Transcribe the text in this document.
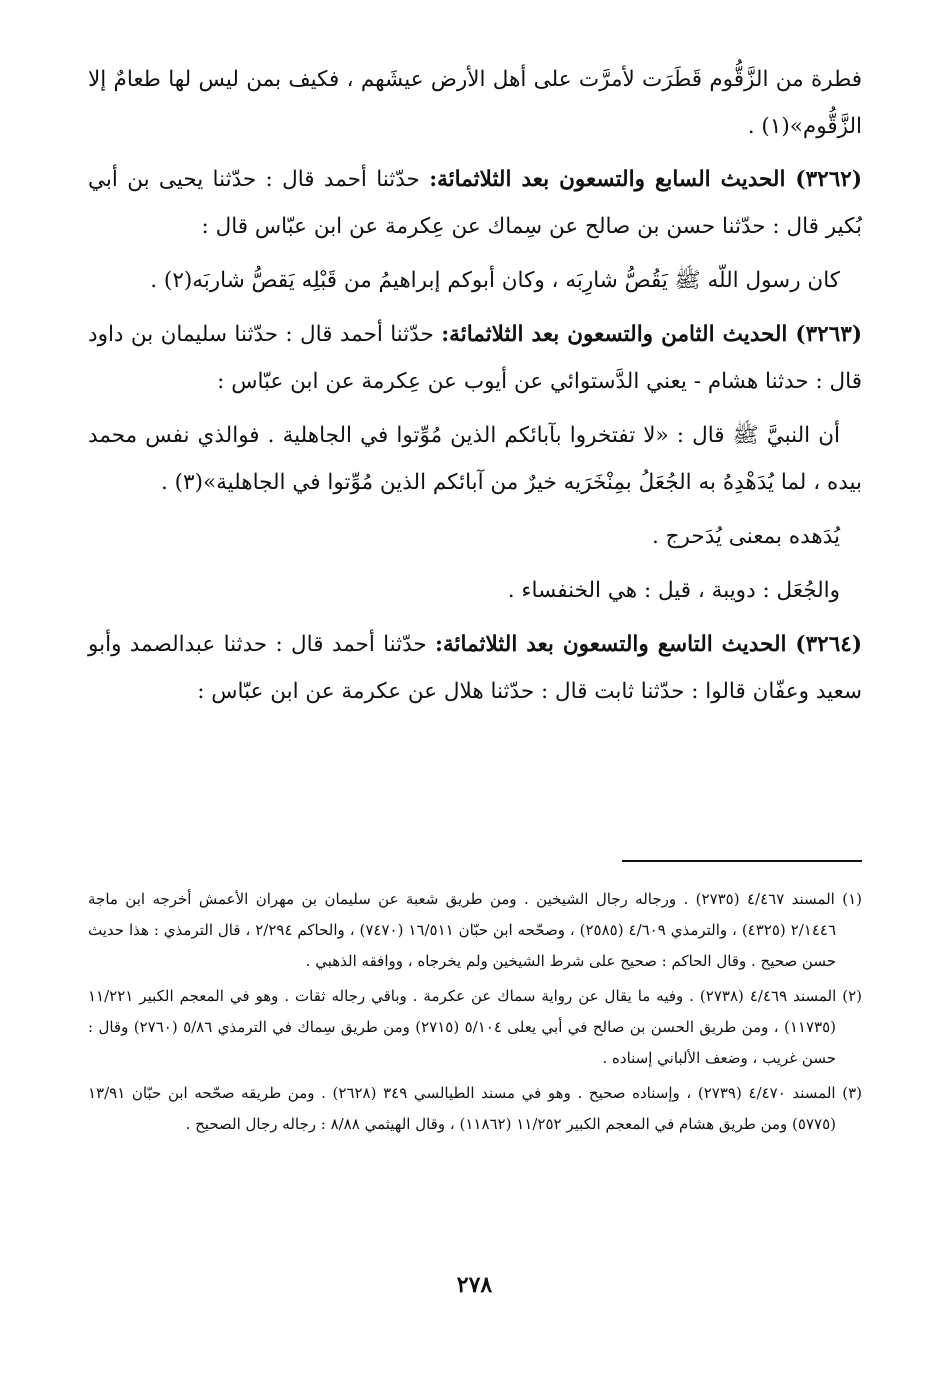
فطرة من الزَّقُّوم قَطَرَت لأمرَّت على أهل الأرض عيشَهم ، فكيف بمن ليس لها طعامٌ إلا الزَّقُّوم»(١) .

(٣٢٦٢) الحديث السابع والتسعون بعد الثلاثمائة: حدّثنا أحمد قال : حدّثنا يحيى بن أبي بُكير قال : حدّثنا حسن بن صالح عن سِماك عن عِكرمة عن ابن عبّاس قال :

كان رسول اللّه ﷺ يَقُصُّ شارِبَه ، وكان أبوكم إبراهيمُ من قَبْلِه يَقصُّ شاربَه(٢) .

(٣٢٦٣) الحديث الثامن والتسعون بعد الثلاثمائة: حدّثنا أحمد قال : حدّثنا سليمان بن داود قال : حدثنا هشام - يعني الدَّستوائي عن أيوب عن عِكرمة عن ابن عبّاس :

أن النبيَّ ﷺ قال : «لا تفتخروا بآبائكم الذين مُوِّتوا في الجاهلية . فوالذي نفس محمد بيده ، لما يُدَهْدِهُ به الجُعَلُ بمِنْخَرَيه خيرٌ من آبائكم الذين مُوِّتوا في الجاهلية»(٣) .

يُدَهده بمعنى يُدَحرج .

والجُعَل : دويبة ، قيل : هي الخنفساء .

(٣٢٦٤) الحديث التاسع والتسعون بعد الثلاثمائة: حدّثنا أحمد قال : حدثنا عبدالصمد وأبو سعيد وعفّان قالوا : حدّثنا ثابت قال : حدّثنا هلال عن عكرمة عن ابن عبّاس :

(١) المسند ٤/٤٦٧ (٢٧٣٥) . ورجاله رجال الشيخين . ومن طريق شعبة عن سليمان بن مهران الأعمش أخرجه ابن ماجة ٢/١٤٤٦ (٤٣٢٥) ، والترمذي ٤/٦٠٩ (٢٥٨٥) ، وصحّحه ابن حبّان ١٦/٥١١ (٧٤٧٠) ، والحاكم ٢/٢٩٤ ، قال الترمذي : هذا حديث حسن صحيح . وقال الحاكم : صحيح على شرط الشيخين ولم يخرجاه ، ووافقه الذهبي .

(٢) المسند ٤/٤٦٩ (٢٧٣٨) . وفيه ما يقال عن رواية سماك عن عكرمة . وباقي رجاله ثقات . وهو في المعجم الكبير ١١/٢٢١ (١١٧٣٥) ، ومن طريق الحسن بن صالح في أبي يعلى ٥/١٠٤ (٢٧١٥) ومن طريق سِماك في الترمذي ٥/٨٦ (٢٧٦٠) وقال : حسن غريب ، وضعف الألباني إسناده .

(٣) المسند ٤/٤٧٠ (٢٧٣٩) ، وإسناده صحيح . وهو في مسند الطيالسي ٣٤٩ (٢٦٢٨) . ومن طريقه صحّحه ابن حبّان ١٣/٩١ (٥٧٧٥) ومن طريق هشام في المعجم الكبير ١١/٢٥٢ (١١٨٦٢) ، وقال الهيثمي ٨/٨٨ : رجاله رجال الصحيح .

٢٧٨
